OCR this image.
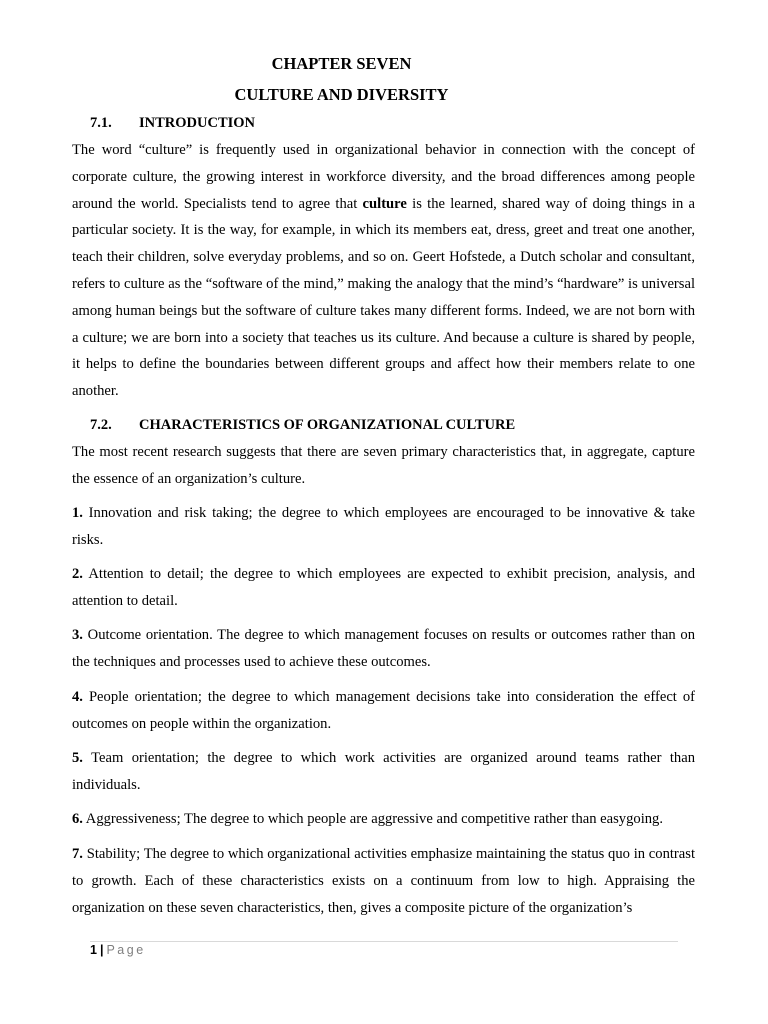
CHAPTER SEVEN
CULTURE AND DIVERSITY
7.1. INTRODUCTION

The word “culture” is frequently used in organizational behavior in connection with the concept of corporate culture, the growing interest in workforce diversity, and the broad differences among people around the world. Specialists tend to agree that culture is the learned, shared way of doing things in a particular society. It is the way, for example, in which its members eat, dress, greet and treat one another, teach their children, solve everyday problems, and so on. Geert Hofstede, a Dutch scholar and consultant, refers to culture as the “software of the mind,” making the analogy that the mind’s “hardware” is universal among human beings but the software of culture takes many different forms. Indeed, we are not born with a culture; we are born into a society that teaches us its culture. And because a culture is shared by people, it helps to define the boundaries between different groups and affect how their members relate to one another.

7.2. CHARACTERISTICS OF ORGANIZATIONAL CULTURE

The most recent research suggests that there are seven primary characteristics that, in aggregate, capture the essence of an organization’s culture.

1. Innovation and risk taking; the degree to which employees are encouraged to be innovative & take risks.

2. Attention to detail; the degree to which employees are expected to exhibit precision, analysis, and attention to detail.

3. Outcome orientation. The degree to which management focuses on results or outcomes rather than on the techniques and processes used to achieve these outcomes.

4. People orientation; the degree to which management decisions take into consideration the effect of outcomes on people within the organization.

5. Team orientation; the degree to which work activities are organized around teams rather than individuals.

6. Aggressiveness; The degree to which people are aggressive and competitive rather than easygoing.

7. Stability; The degree to which organizational activities emphasize maintaining the status quo in contrast to growth. Each of these characteristics exists on a continuum from low to high. Appraising the organization on these seven characteristics, then, gives a composite picture of the organization’s

1 | Page
